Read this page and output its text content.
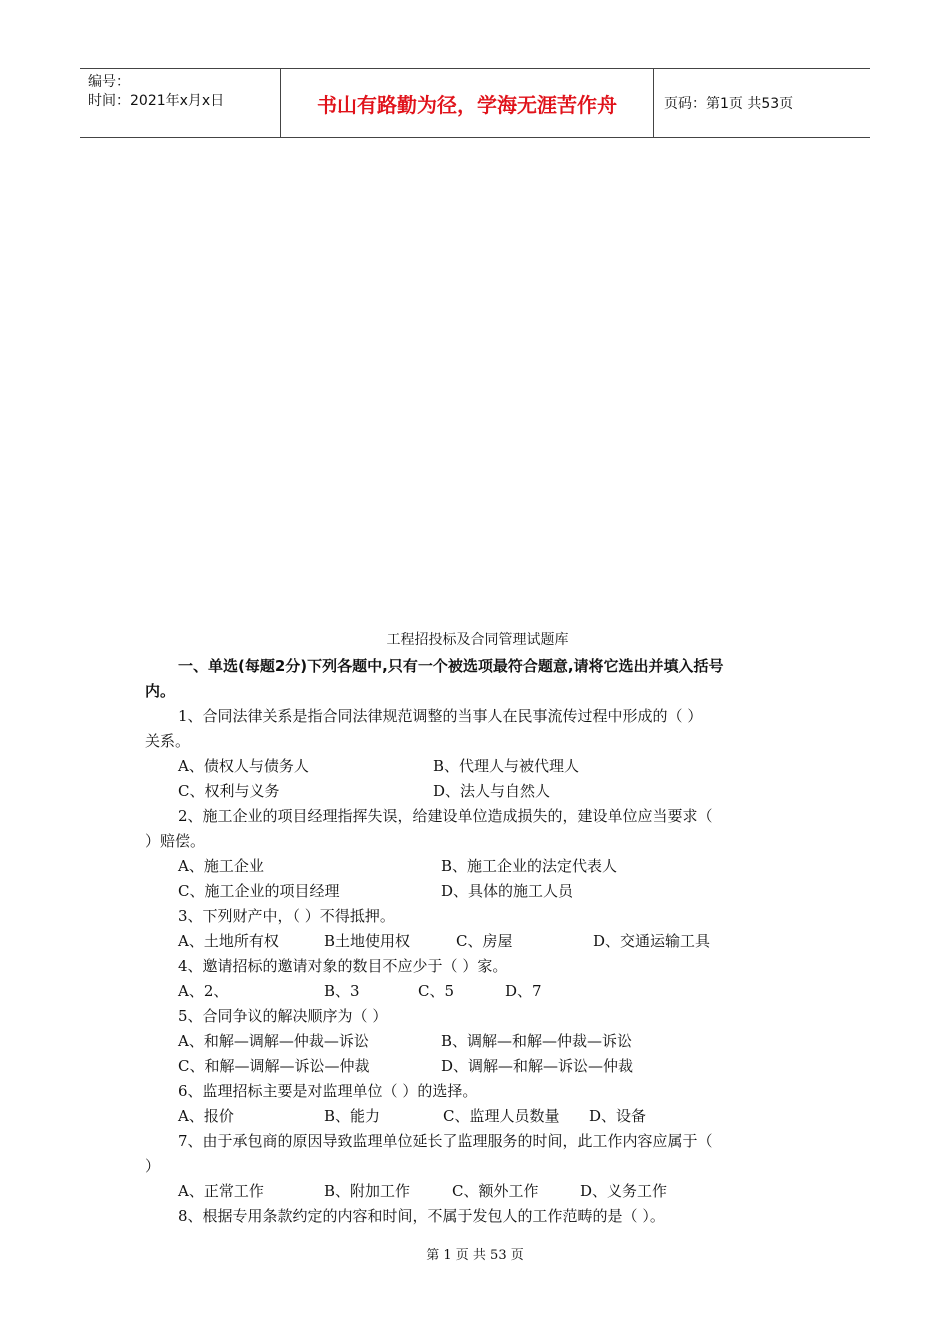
编号：
时间：2021年x月x日	书山有路勤为径，学海无涯苦作舟	页码：第1页 共53页
工程招投标及合同管理试题库
一、单选(每题2分)下列各题中,只有一个被选项最符合题意,请将它选出并填入括号
内。
1、合同法律关系是指合同法律规范调整的当事人在民事流传过程中形成的（ ）
关系。
A、债权人与债务人	B、代理人与被代理人
C、权利与义务	D、法人与自然人
2、施工企业的项目经理指挥失误，给建设单位造成损失的，建设单位应当要求（
）赔偿。
A、施工企业	B、施工企业的法定代表人
C、施工企业的项目经理	D、具体的施工人员
3、下列财产中，（ ）不得抵押。
A、土地所有权	B土地使用权	C、房屋	D、交通运输工具
4、邀请招标的邀请对象的数目不应少于（ ）家。
A、2、	B、3	C、5	D、7
5、合同争议的解决顺序为（ ）
A、和解—调解—仲裁—诉讼	B、调解—和解—仲裁—诉讼
C、和解—调解—诉讼—仲裁	D、调解—和解—诉讼—仲裁
6、监理招标主要是对监理单位（ ）的选择。
A、报价	B、能力	C、监理人员数量 D、设备
7、由于承包商的原因导致监理单位延长了监理服务的时间，此工作内容应属于（
）
A、正常工作	B、附加工作	C、额外工作	D、义务工作
8、根据专用条款约定的内容和时间，不属于发包人的工作范畴的是（ ）。
第 1 页 共 53 页
